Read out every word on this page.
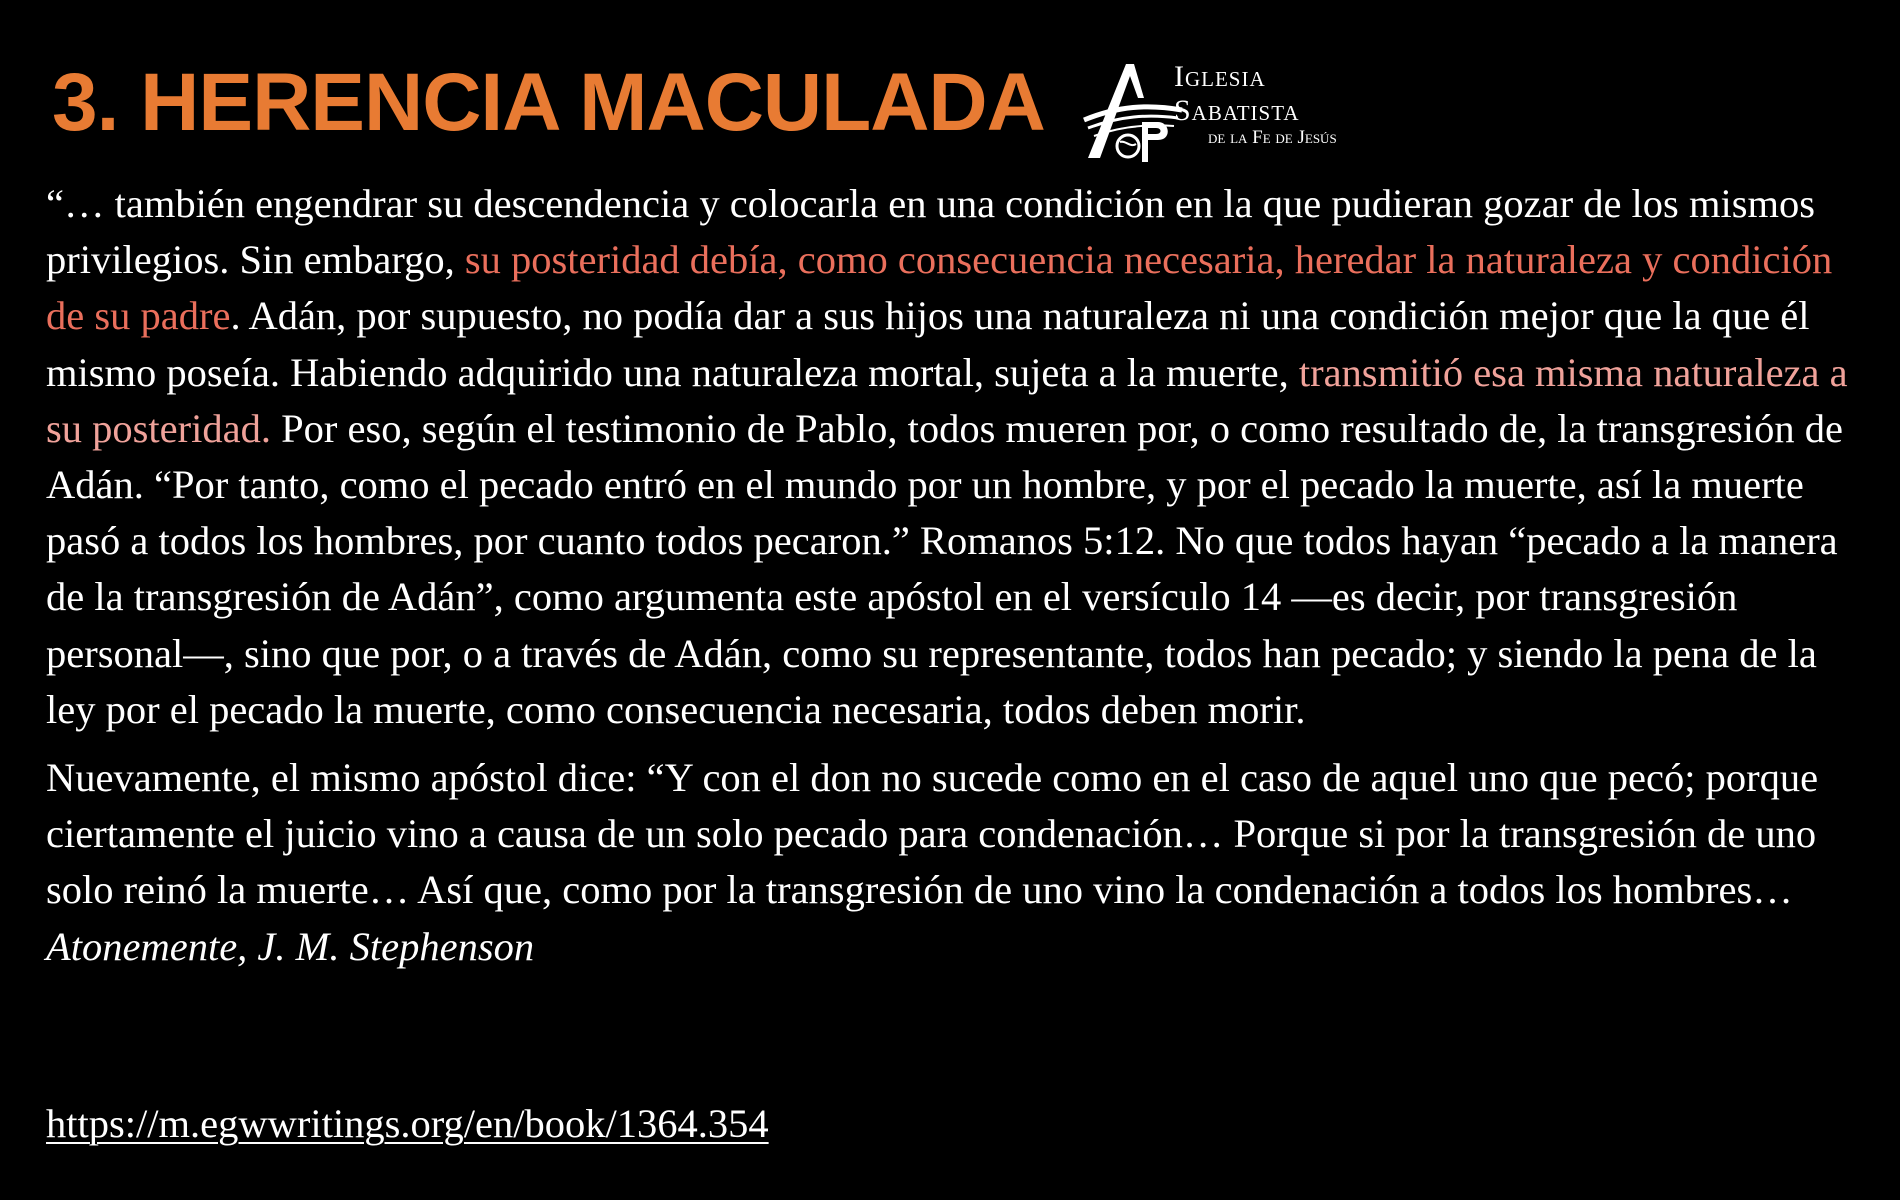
3. HERENCIA MACULADA	Iglesia
Sabatista
de la Fe de Jesús

“… también engendrar su descendencia y colocarla en una condición en la que pudieran gozar de los mismos privilegios. Sin embargo, su posteridad debía, como consecuencia necesaria, heredar la naturaleza y condición de su padre. Adán, por supuesto, no podía dar a sus hijos una naturaleza ni una condición mejor que la que él mismo poseía. Habiendo adquirido una naturaleza mortal, sujeta a la muerte, transmitió esa misma naturaleza a su posteridad. Por eso, según el testimonio de Pablo, todos mueren por, o como resultado de, la transgresión de Adán. “Por tanto, como el pecado entró en el mundo por un hombre, y por el pecado la muerte, así la muerte pasó a todos los hombres, por cuanto todos pecaron.” Romanos 5:12. No que todos hayan “pecado a la manera de la transgresión de Adán”, como argumenta este apóstol en el versículo 14 —es decir, por transgresión personal—, sino que por, o a través de Adán, como su representante, todos han pecado; y siendo la pena de la ley por el pecado la muerte, como consecuencia necesaria, todos deben morir.

Nuevamente, el mismo apóstol dice: “Y con el don no sucede como en el caso de aquel uno que pecó; porque ciertamente el juicio vino a causa de un solo pecado para condenación… Porque si por la transgresión de uno solo reinó la muerte… Así que, como por la transgresión de uno vino la condenación a todos los hombres… Atonemente, J. M. Stephenson

https://m.egwwritings.org/en/book/1364.354
